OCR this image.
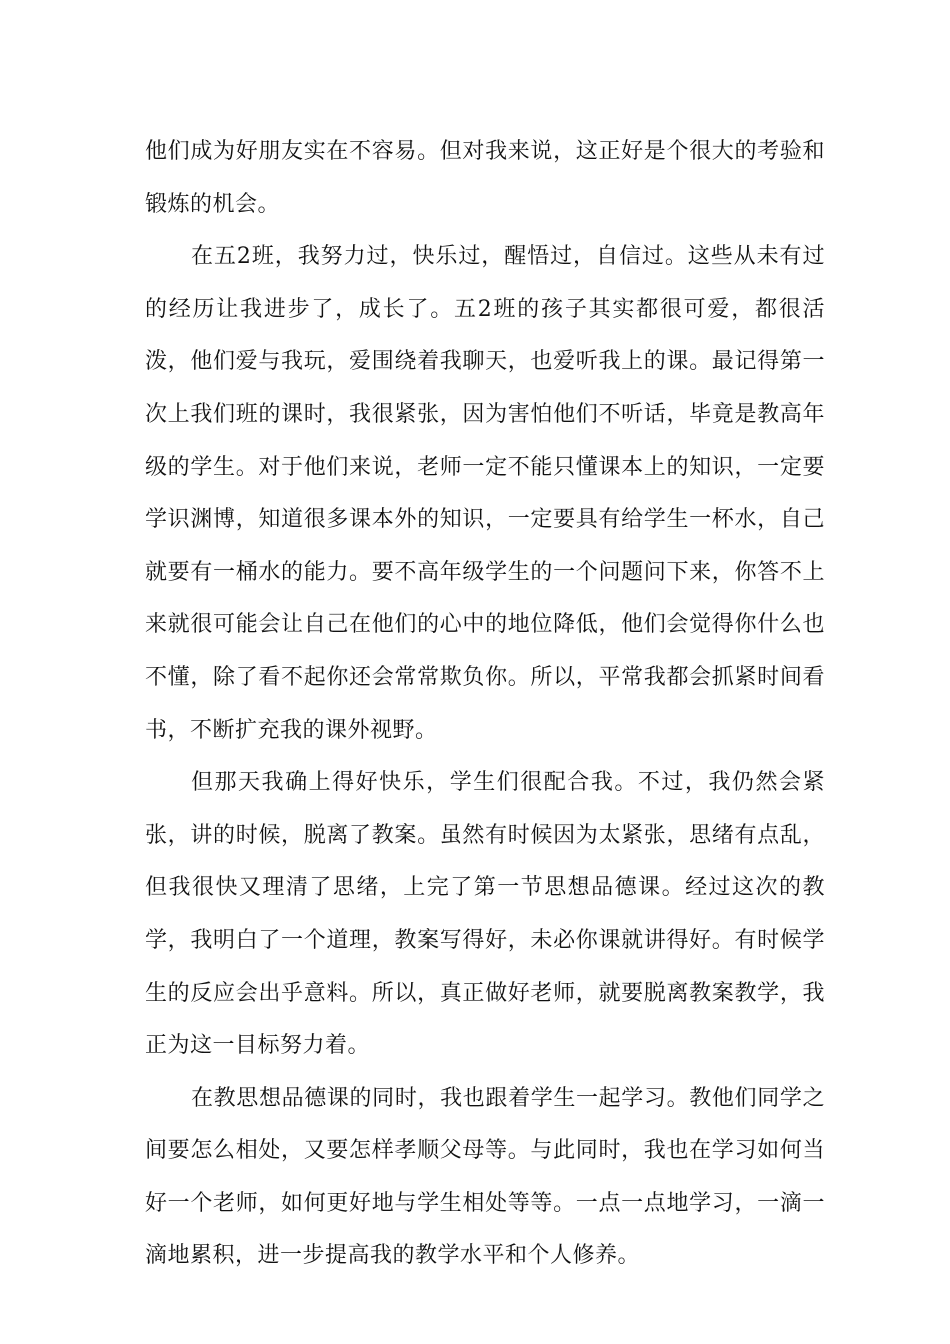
他们成为好朋友实在不容易。但对我来说，这正好是个很大的考验和锻炼的机会。

在五2班，我努力过，快乐过，醒悟过，自信过。这些从未有过的经历让我进步了，成长了。五2班的孩子其实都很可爱，都很活泼，他们爱与我玩，爱围绕着我聊天，也爱听我上的课。最记得第一次上我们班的课时，我很紧张，因为害怕他们不听话，毕竟是教高年级的学生。对于他们来说，老师一定不能只懂课本上的知识，一定要学识渊博，知道很多课本外的知识，一定要具有给学生一杯水，自己就要有一桶水的能力。要不高年级学生的一个问题问下来，你答不上来就很可能会让自己在他们的心中的地位降低，他们会觉得你什么也不懂，除了看不起你还会常常欺负你。所以，平常我都会抓紧时间看书，不断扩充我的课外视野。

但那天我确上得好快乐，学生们很配合我。不过，我仍然会紧张，讲的时候，脱离了教案。虽然有时候因为太紧张，思绪有点乱，但我很快又理清了思绪，上完了第一节思想品德课。经过这次的教学，我明白了一个道理，教案写得好，未必你课就讲得好。有时候学生的反应会出乎意料。所以，真正做好老师，就要脱离教案教学，我正为这一目标努力着。

在教思想品德课的同时，我也跟着学生一起学习。教他们同学之间要怎么相处，又要怎样孝顺父母等。与此同时，我也在学习如何当好一个老师，如何更好地与学生相处等等。一点一点地学习，一滴一滴地累积，进一步提高我的教学水平和个人修养。
